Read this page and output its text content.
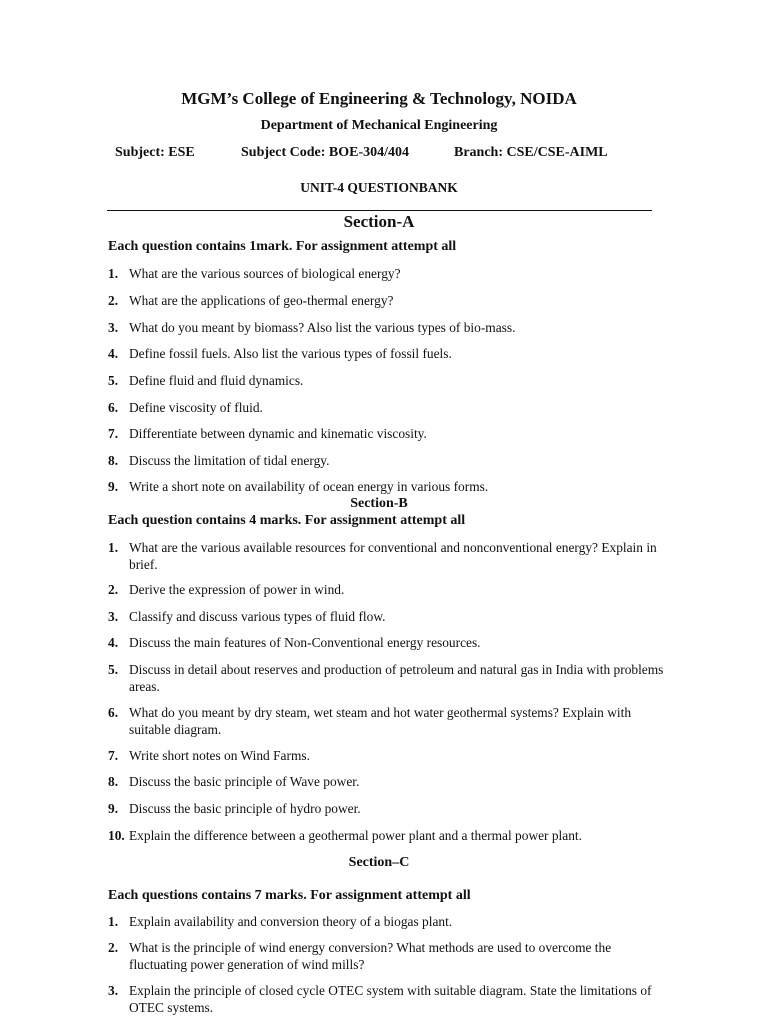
MGM’s College of Engineering & Technology, NOIDA
Department of Mechanical Engineering
Subject: ESE	Subject Code: BOE-304/404	Branch: CSE/CSE-AIML
UNIT-4 QUESTIONBANK
Section-A
Each question contains 1mark. For assignment attempt all
1. What are the various sources of biological energy?
2. What are the applications of geo-thermal energy?
3. What do you meant by biomass? Also list the various types of bio-mass.
4. Define fossil fuels. Also list the various types of fossil fuels.
5. Define fluid and fluid dynamics.
6. Define viscosity of fluid.
7. Differentiate between dynamic and kinematic viscosity.
8. Discuss the limitation of tidal energy.
9. Write a short note on availability of ocean energy in various forms.
Section-B
Each question contains 4 marks. For assignment attempt all
1. What are the various available resources for conventional and nonconventional energy? Explain in brief.
2. Derive the expression of power in wind.
3. Classify and discuss various types of fluid flow.
4. Discuss the main features of Non-Conventional energy resources.
5. Discuss in detail about reserves and production of petroleum and natural gas in India with problems areas.
6. What do you meant by dry steam, wet steam and hot water geothermal systems? Explain with suitable diagram.
7. Write short notes on Wind Farms.
8. Discuss the basic principle of Wave power.
9. Discuss the basic principle of hydro power.
10. Explain the difference between a geothermal power plant and a thermal power plant.
Section–C
Each questions contains 7 marks. For assignment attempt all
1. Explain availability and conversion theory of a biogas plant.
2. What is the principle of wind energy conversion? What methods are used to overcome the fluctuating power generation of wind mills?
3. Explain the principle of closed cycle OTEC system with suitable diagram. State the limitations of OTEC systems.
